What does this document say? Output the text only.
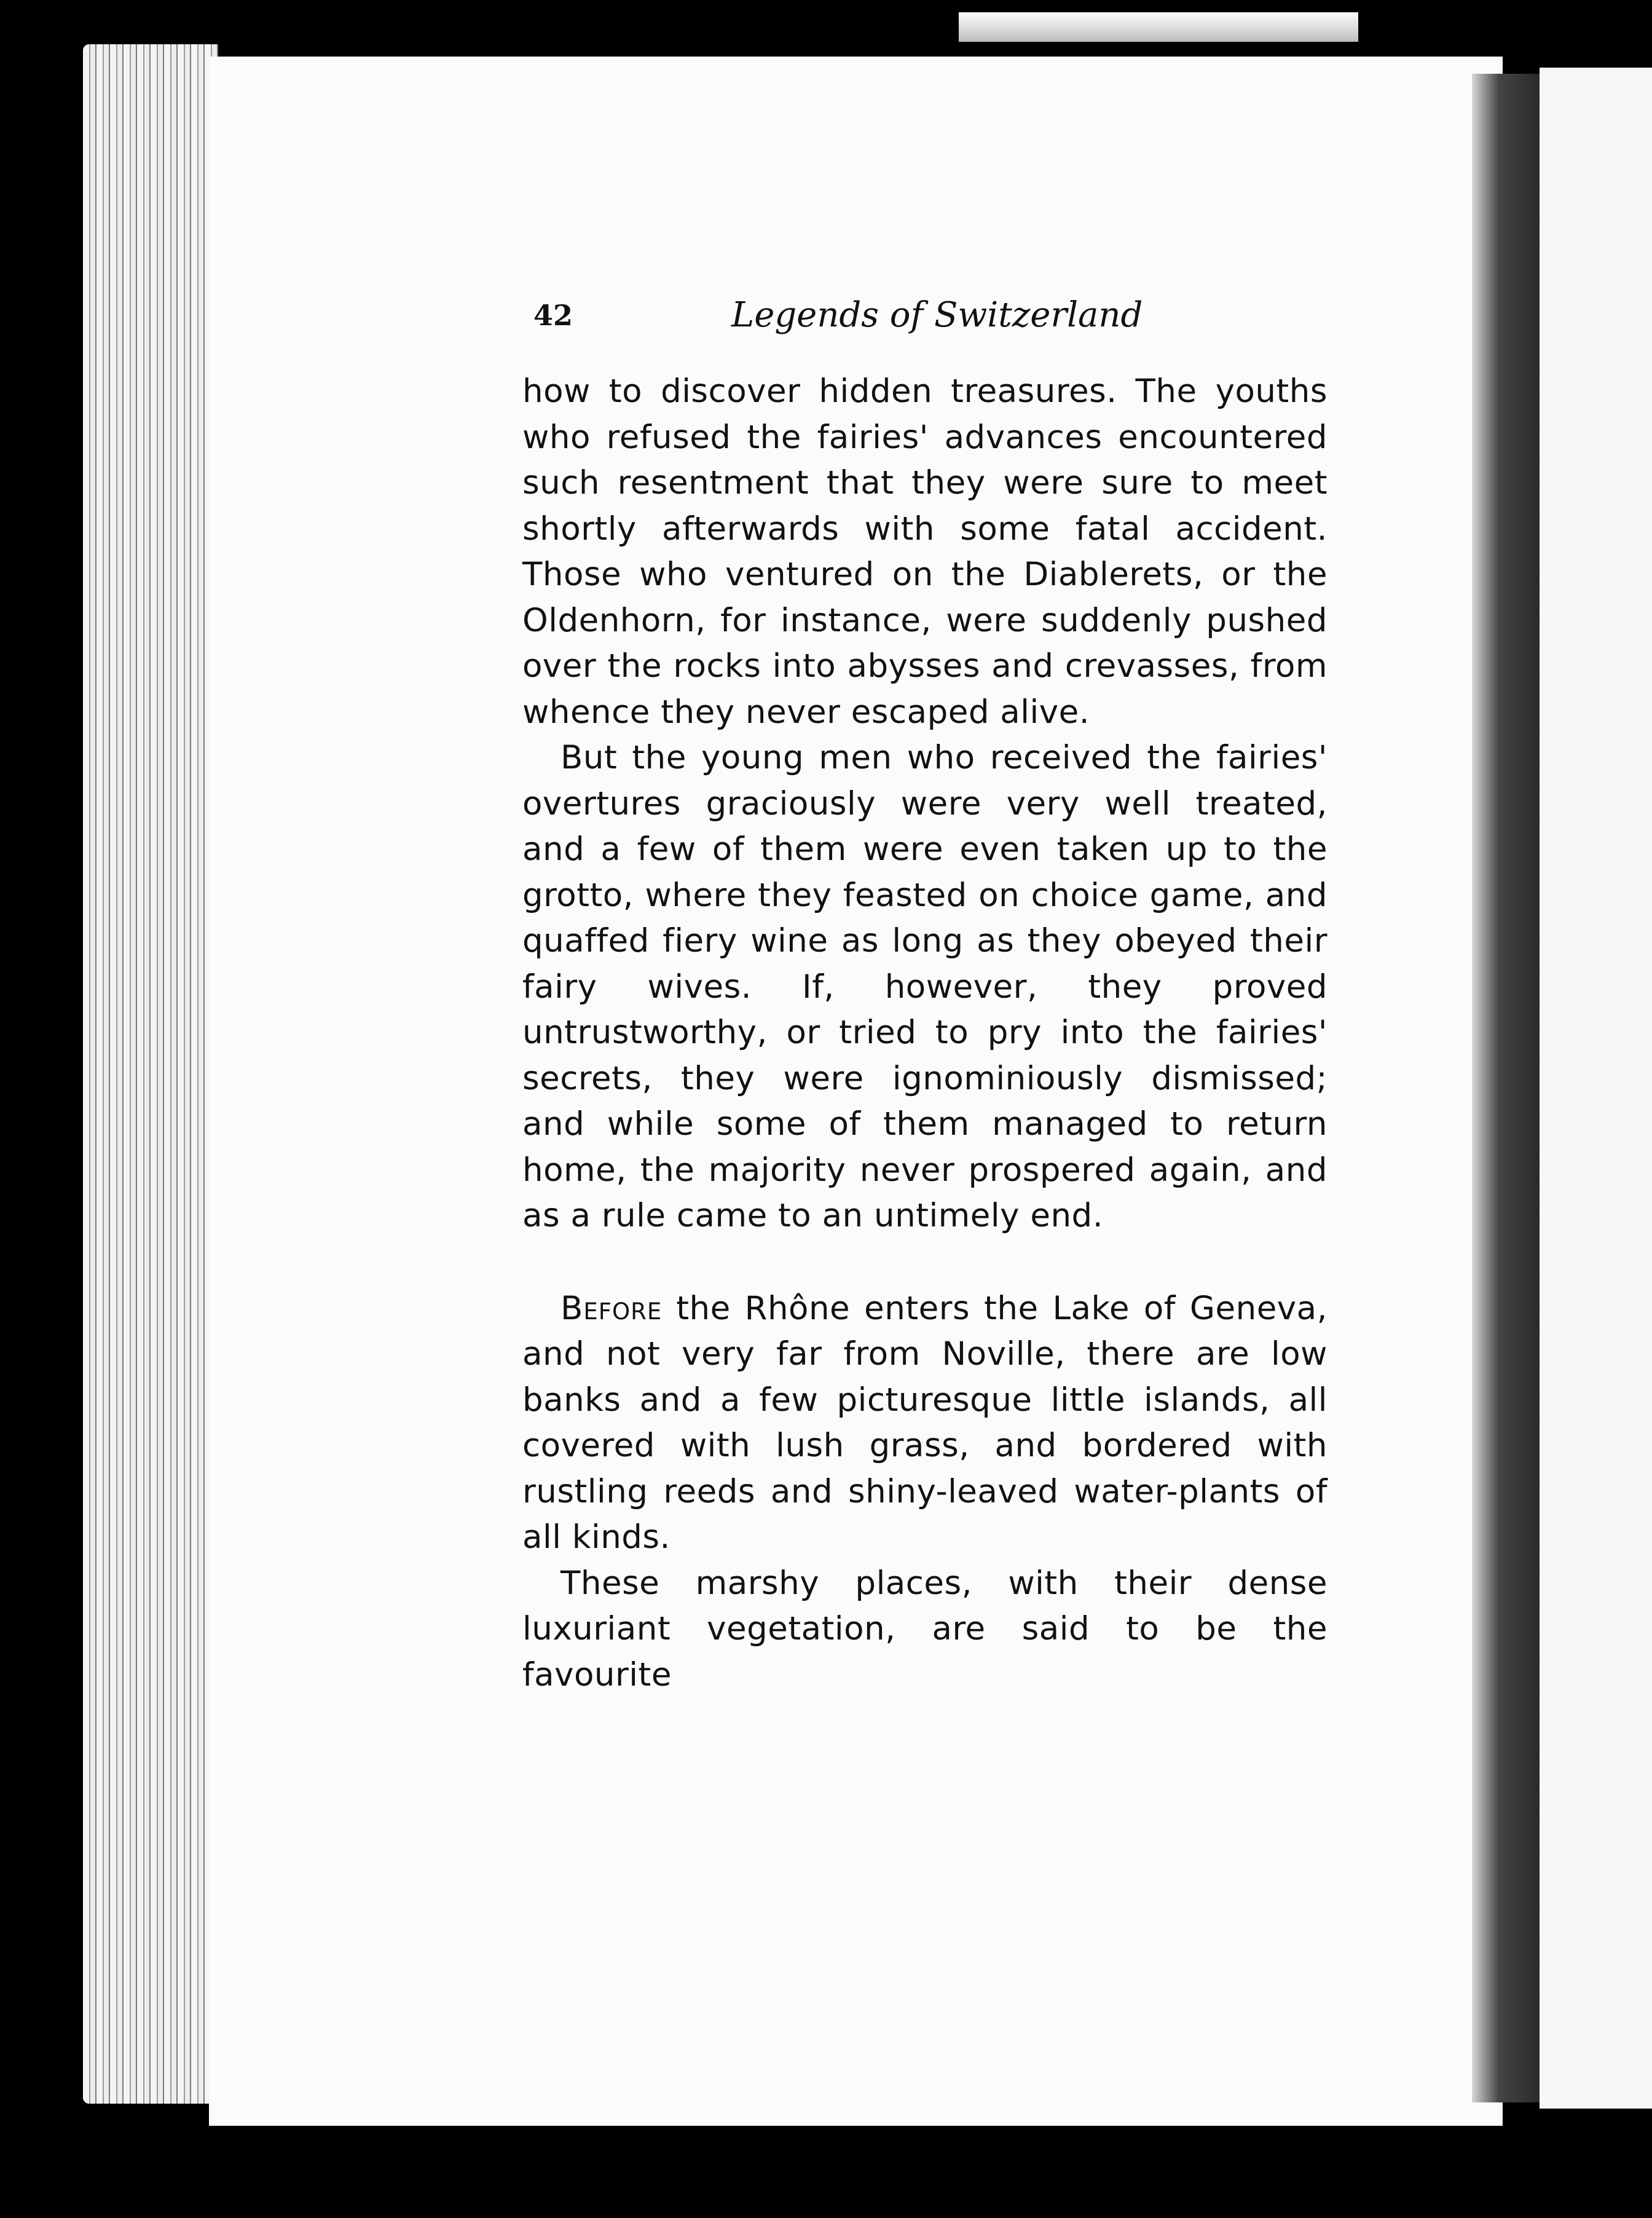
42	Legends of Switzerland

how to discover hidden treasures. The youths who refused the fairies' advances encountered such resentment that they were sure to meet shortly afterwards with some fatal accident. Those who ventured on the Diablerets, or the Oldenhorn, for instance, were suddenly pushed over the rocks into abysses and crevasses, from whence they never escaped alive.

But the young men who received the fairies' overtures graciously were very well treated, and a few of them were even taken up to the grotto, where they feasted on choice game, and quaffed fiery wine as long as they obeyed their fairy wives. If, however, they proved untrustworthy, or tried to pry into the fairies' secrets, they were ignominiously dismissed; and while some of them managed to return home, the majority never prospered again, and as a rule came to an untimely end.

Before the Rhône enters the Lake of Geneva, and not very far from Noville, there are low banks and a few picturesque little islands, all covered with lush grass, and bordered with rustling reeds and shiny-leaved water-plants of all kinds.

These marshy places, with their dense luxuriant vegetation, are said to be the favourite
